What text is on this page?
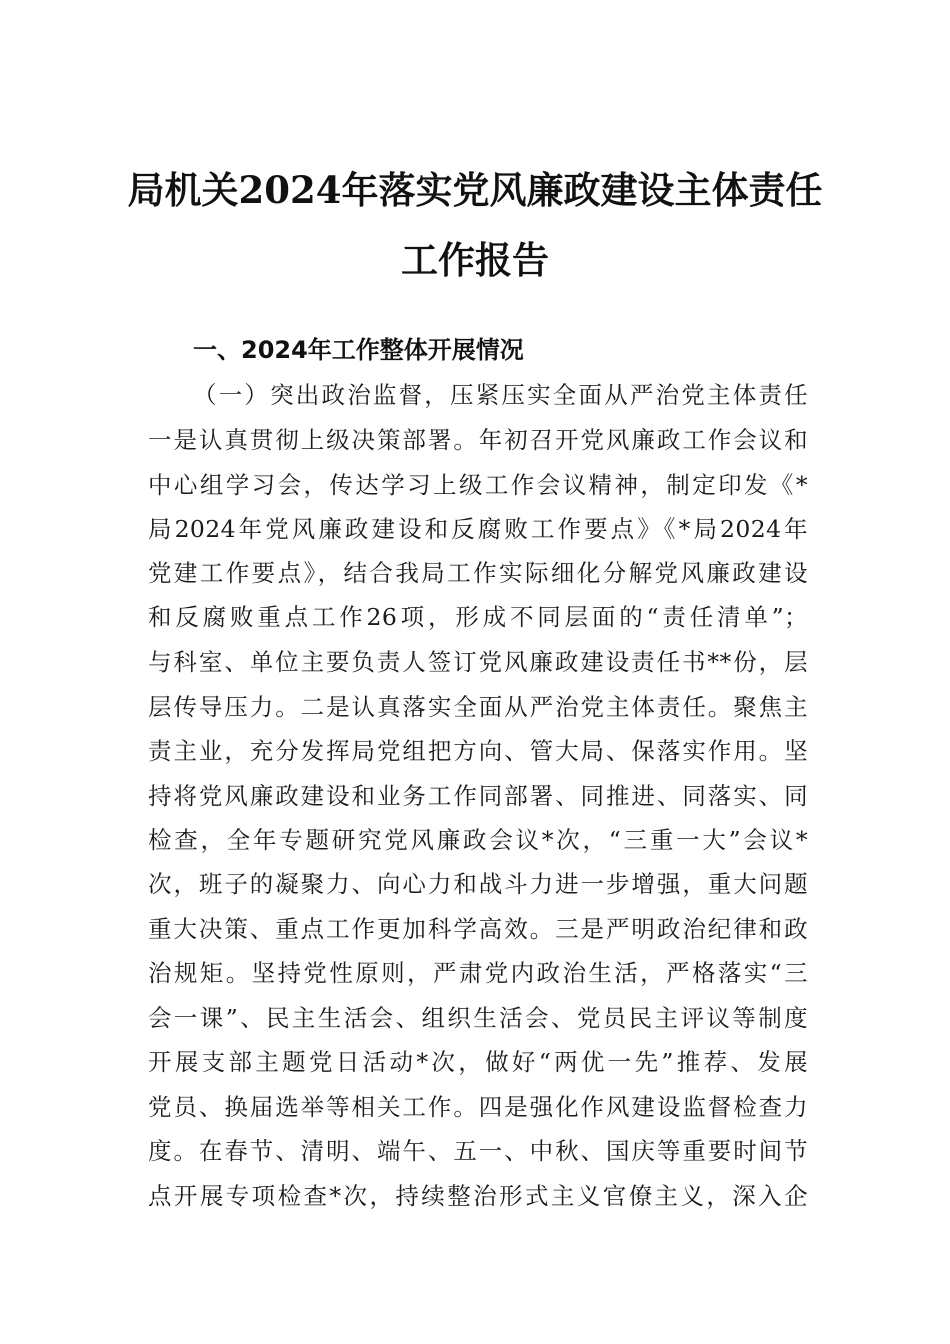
局机关2024年落实党风廉政建设主体责任
工作报告
一、2024年工作整体开展情况
（一）突出政治监督，压紧压实全面从严治党主体责任
一是认真贯彻上级决策部署。年初召开党风廉政工作会议和
中心组学习会，传达学习上级工作会议精神，制定印发《*
局2024年党风廉政建设和反腐败工作要点》《*局2024年
党建工作要点》，结合我局工作实际细化分解党风廉政建设
和反腐败重点工作26项，形成不同层面的“责任清单”；
与科室、单位主要负责人签订党风廉政建设责任书**份，层
层传导压力。二是认真落实全面从严治党主体责任。聚焦主
责主业，充分发挥局党组把方向、管大局、保落实作用。坚
持将党风廉政建设和业务工作同部署、同推进、同落实、同
检查，全年专题研究党风廉政会议*次，“三重一大”会议*
次，班子的凝聚力、向心力和战斗力进一步增强，重大问题
重大决策、重点工作更加科学高效。三是严明政治纪律和政
治规矩。坚持党性原则，严肃党内政治生活，严格落实“三
会一课”、民主生活会、组织生活会、党员民主评议等制度
开展支部主题党日活动*次，做好“两优一先”推荐、发展
党员、换届选举等相关工作。四是强化作风建设监督检查力
度。在春节、清明、端午、五一、中秋、国庆等重要时间节
点开展专项检查*次，持续整治形式主义官僚主义，深入企
